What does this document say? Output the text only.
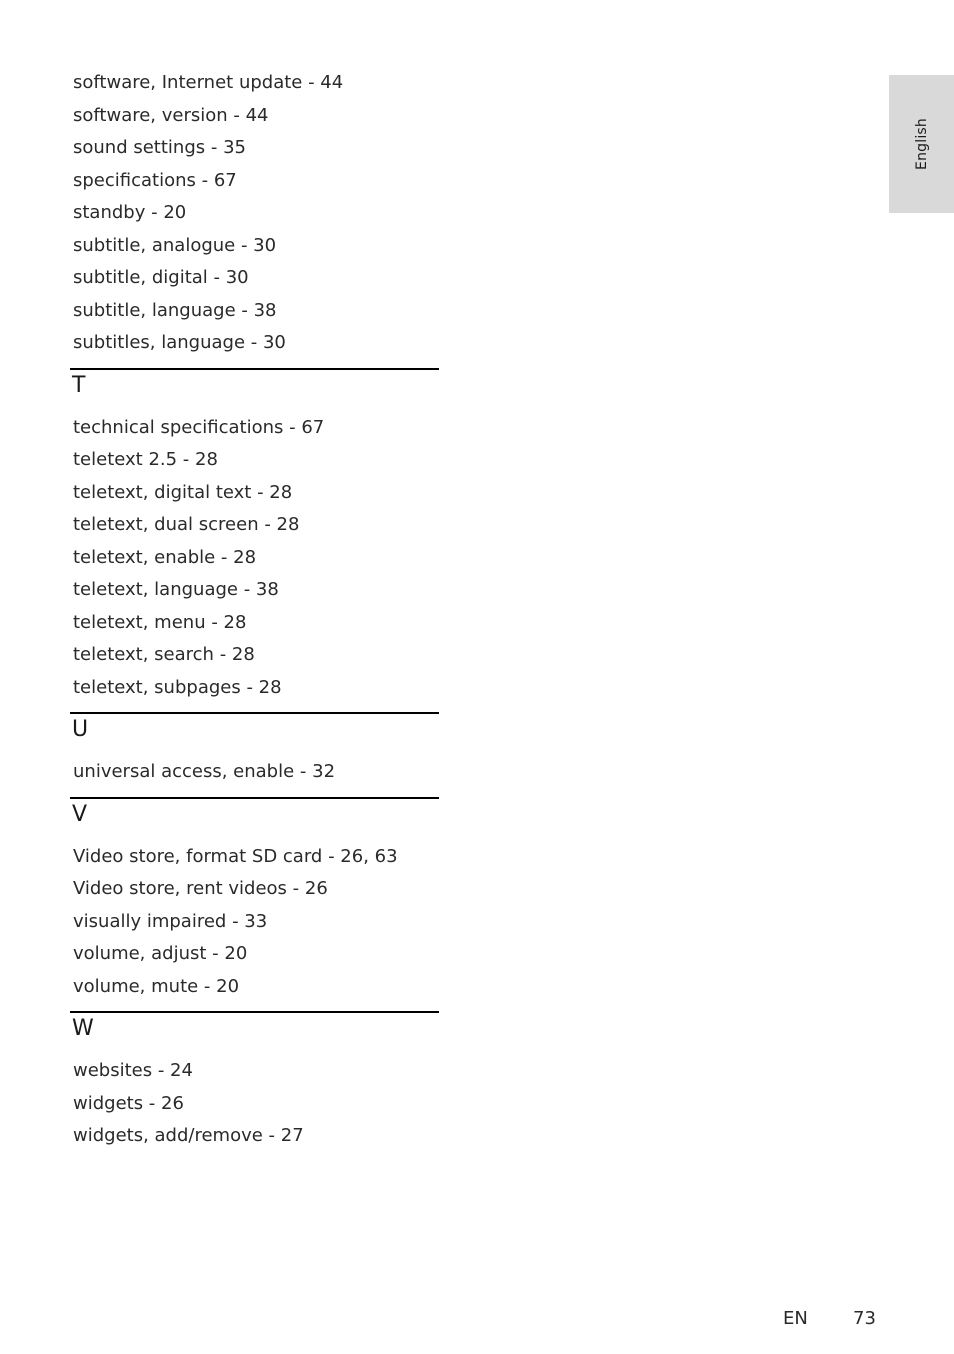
English
software, Internet update - 44
software, version - 44
sound settings - 35
specifications - 67
standby - 20
subtitle, analogue - 30
subtitle, digital - 30
subtitle, language - 38
subtitles, language - 30
T
technical specifications - 67
teletext 2.5 - 28
teletext, digital text - 28
teletext, dual screen - 28
teletext, enable - 28
teletext, language - 38
teletext, menu - 28
teletext, search - 28
teletext, subpages - 28
U
universal access, enable - 32
V
Video store, format SD card - 26, 63
Video store, rent videos - 26
visually impaired - 33
volume, adjust - 20
volume, mute - 20
W
websites - 24
widgets - 26
widgets, add/remove - 27
EN	73
